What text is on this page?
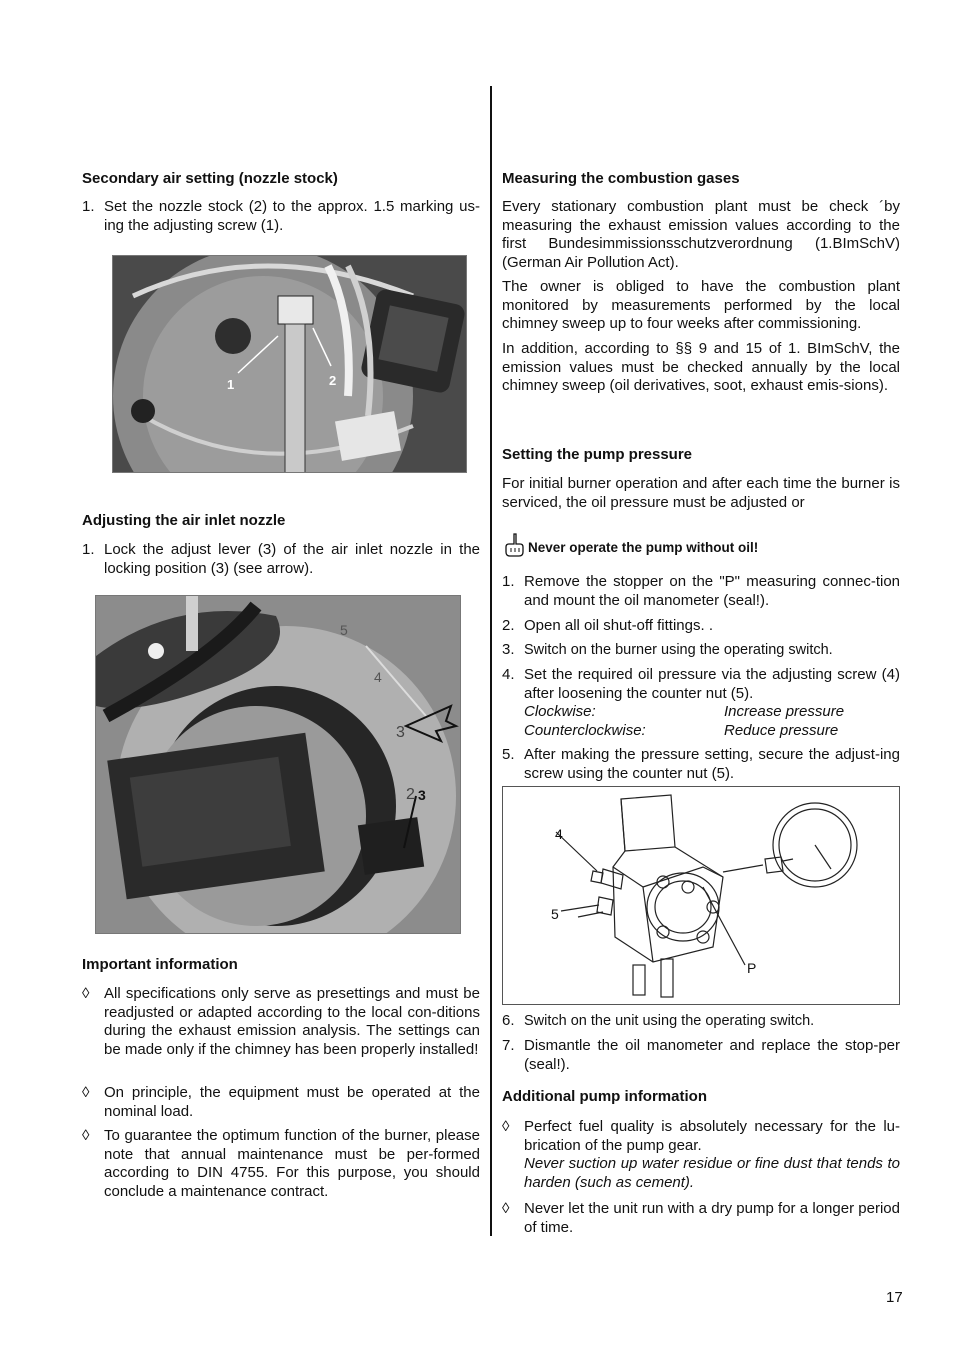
Secondary air setting (nozzle stock)
1. Set the nozzle stock (2) to the approx. 1.5 marking us-ing the adjusting screw (1).
1	2
Adjusting the air inlet nozzle
1. Lock the adjust lever (3) of the air inlet nozzle in the locking position (3) (see arrow).
5
4
3
2 3
Important information
◊ All specifications only serve as presettings and must be readjusted or adapted according to the local con-ditions during the exhaust emission analysis. The settings can be made only if the chimney has been properly installed!
◊ On principle, the equipment must be operated at the nominal load.
◊ To guarantee the optimum function of the burner, please note that annual maintenance must be per-formed according to DIN 4755. For this purpose, you should conclude a maintenance contract.
Measuring the combustion gases

Every stationary combustion plant must be check ´by measuring the exhaust emission values according to the first Bundesimmissionsschutzverordnung (1.BImSchV) (German Air Pollution Act).

The owner is obliged to have the combustion plant monitored by measurements performed by the local chimney sweep up to four weeks after commissioning.

In addition, according to §§ 9 and 15 of 1. BImSchV, the emission values must be checked annually by the local chimney sweep (oil derivatives, soot, exhaust emis-sions).

Setting the pump pressure

For initial burner operation and after each time the burner is serviced, the oil pressure must be adjusted or

Never operate the pump without oil!
1. Remove the stopper on the "P" measuring connec-tion and mount the oil manometer (seal!).
2. Open all oil shut-off fittings. .
3. Switch on the burner using the operating switch.
4. Set the required oil pressure via the adjusting screw (4) after loosening the counter nut (5).
Clockwise:	Increase pressure
Counterclockwise:	Reduce pressure
5. After making the pressure setting, secure the adjust-ing screw using the counter nut (5).
4
5
P
6. Switch on the unit using the operating switch.
7. Dismantle the oil manometer and replace the stop-per (seal!).
Additional pump information
◊ Perfect fuel quality is absolutely necessary for the lu-brication of the pump gear.
Never suction up water residue or fine dust that tends to harden (such as cement).
◊ Never let the unit run with a dry pump for a longer period of time.
17
